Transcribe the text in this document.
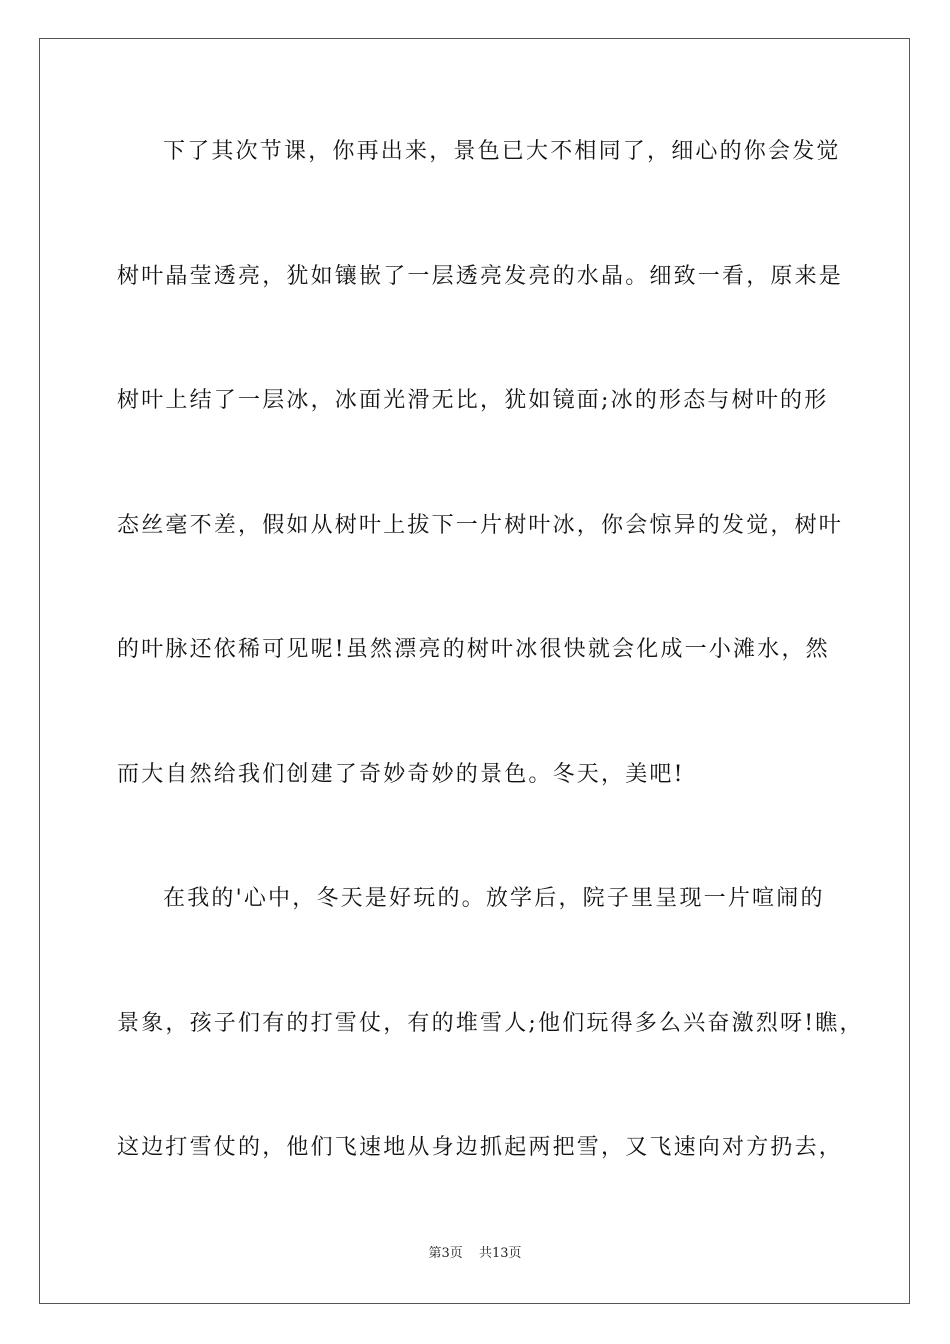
下了其次节课，你再出来，景色已大不相同了，细心的你会发觉
树叶晶莹透亮，犹如镶嵌了一层透亮发亮的水晶。细致一看，原来是
树叶上结了一层冰，冰面光滑无比，犹如镜面;冰的形态与树叶的形
态丝毫不差，假如从树叶上拔下一片树叶冰，你会惊异的发觉，树叶
的叶脉还依稀可见呢!虽然漂亮的树叶冰很快就会化成一小滩水，然
而大自然给我们创建了奇妙奇妙的景色。冬天，美吧!
在我的'心中，冬天是好玩的。放学后，院子里呈现一片喧闹的
景象，孩子们有的打雪仗，有的堆雪人;他们玩得多么兴奋激烈呀!瞧，
这边打雪仗的，他们飞速地从身边抓起两把雪，又飞速向对方扔去，
第3页 共13页
